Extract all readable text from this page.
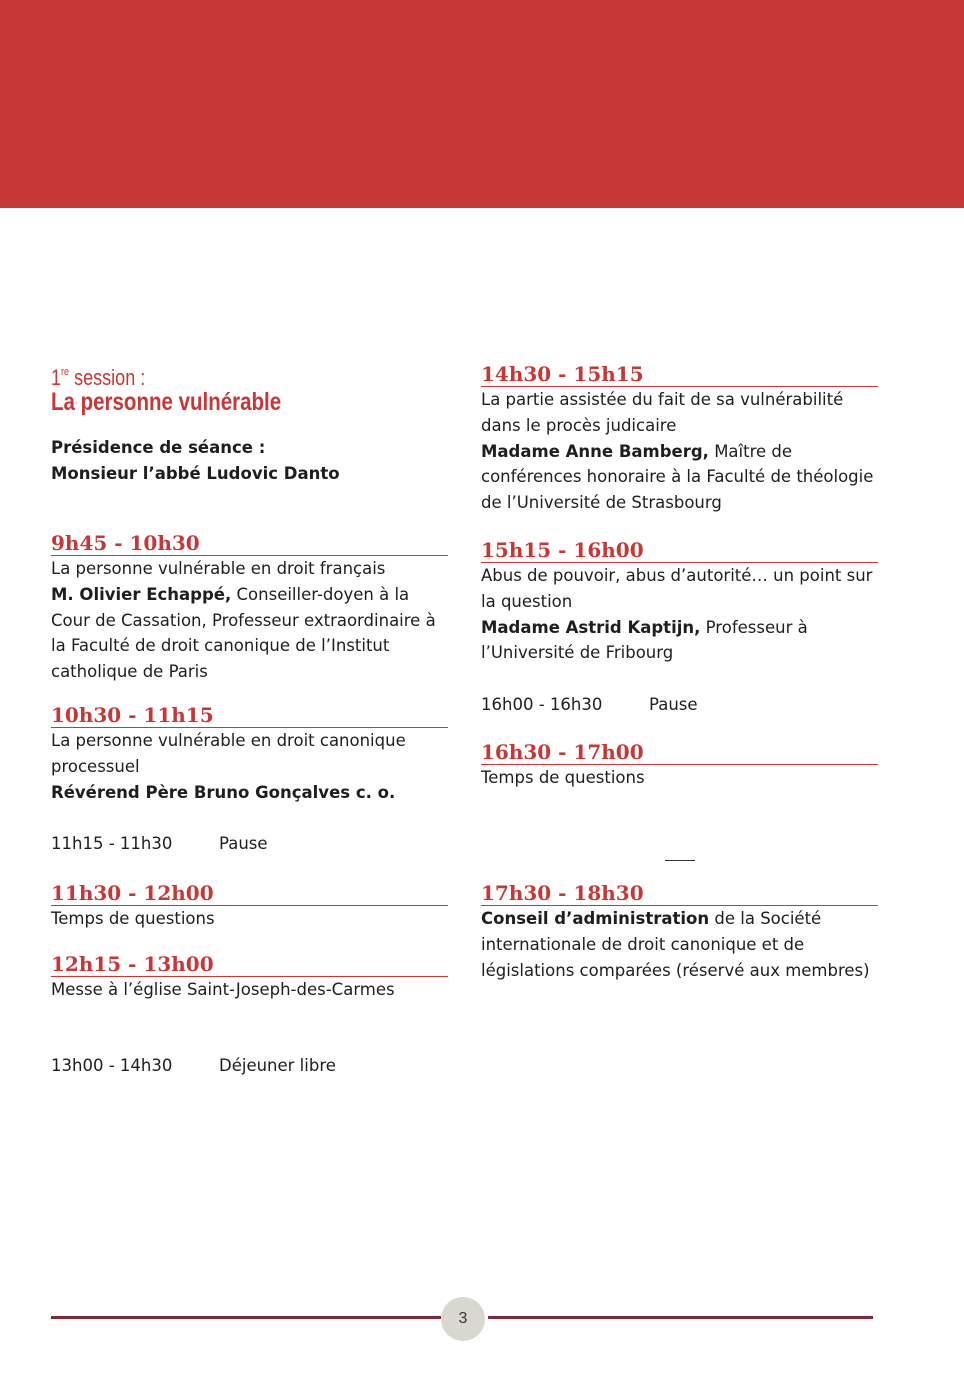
1re session :
La personne vulnérable
Présidence de séance :
Monsieur l’abbé Ludovic Danto
9h45 - 10h30
La personne vulnérable en droit français
M. Olivier Echappé, Conseiller-doyen à la Cour de Cassation, Professeur extraordinaire à la Faculté de droit canonique de l’Institut catholique de Paris
10h30 - 11h15
La personne vulnérable en droit canonique processuel
Révérend Père Bruno Gonçalves c. o.
11h15 - 11h30	Pause
11h30 - 12h00
Temps de questions
12h15 - 13h00
Messe à l’église Saint-Joseph-des-Carmes
13h00 - 14h30	Déjeuner libre
14h30 - 15h15
La partie assistée du fait de sa vulnérabilité dans le procès judicaire
Madame Anne Bamberg, Maître de conférences honoraire à la Faculté de théologie de l’Université de Strasbourg
15h15 - 16h00
Abus de pouvoir, abus d’autorité… un point sur la question
Madame Astrid Kaptijn, Professeur à l’Université de Fribourg
16h00 - 16h30	Pause
16h30 - 17h00
Temps de questions
17h30 - 18h30
Conseil d’administration de la Société internationale de droit canonique et de législations comparées (réservé aux membres)
3
